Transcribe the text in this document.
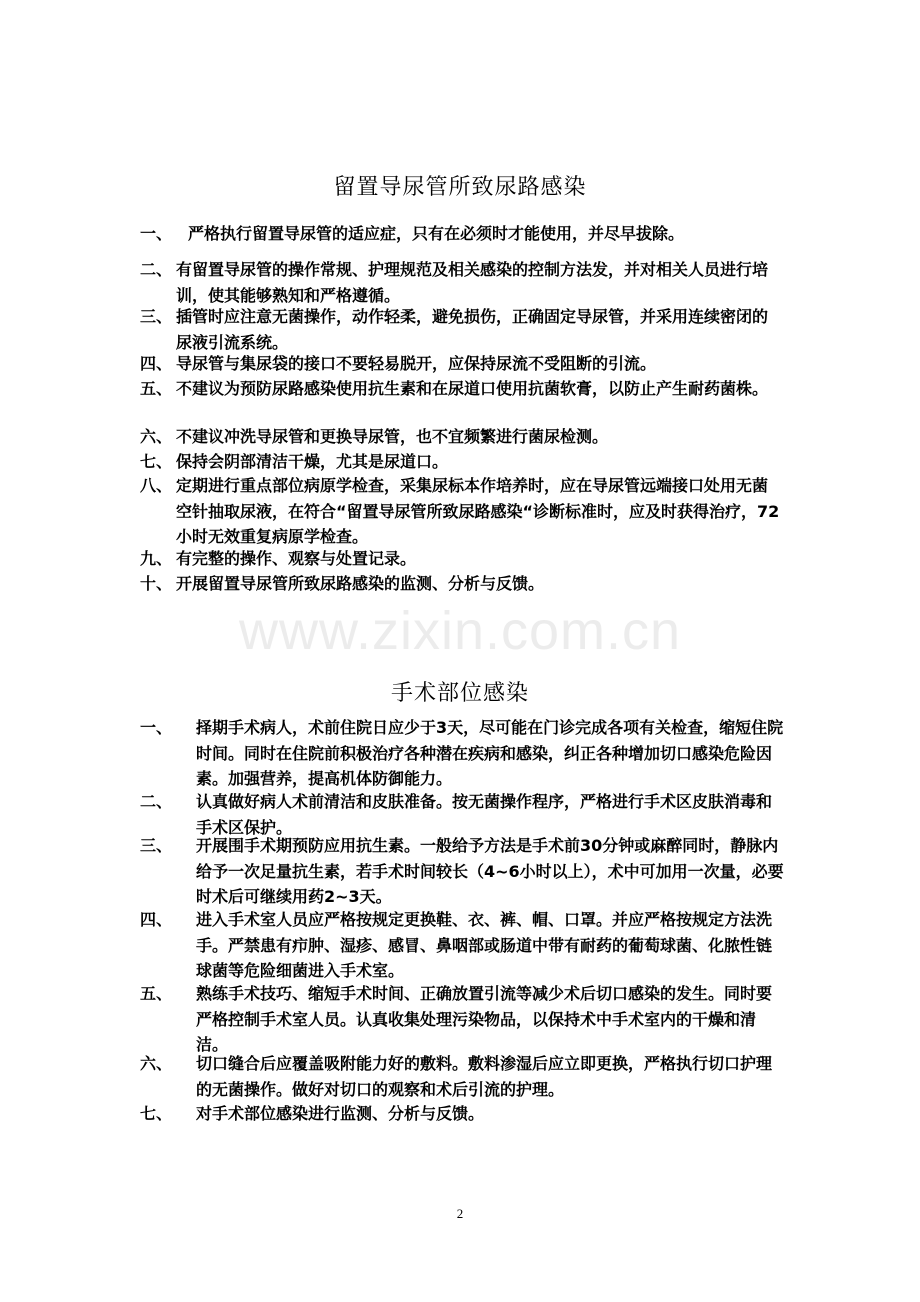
www.zixin.com.cn
留置导尿管所致尿路感染
一、 严格执行留置导尿管的适应症，只有在必须时才能使用，并尽早拔除。
二、 有留置导尿管的操作常规、护理规范及相关感染的控制方法发，并对相关人员进行培训，使其能够熟知和严格遵循。
三、 插管时应注意无菌操作，动作轻柔，避免损伤，正确固定导尿管，并采用连续密闭的尿液引流系统。
四、 导尿管与集尿袋的接口不要轻易脱开，应保持尿流不受阻断的引流。
五、 不建议为预防尿路感染使用抗生素和在尿道口使用抗菌软膏，以防止产生耐药菌株。
六、 不建议冲洗导尿管和更换导尿管，也不宜频繁进行菌尿检测。
七、 保持会阴部清洁干燥，尤其是尿道口。
八、 定期进行重点部位病原学检查，采集尿标本作培养时，应在导尿管远端接口处用无菌空针抽取尿液，在符合“留置导尿管所致尿路感染“诊断标准时，应及时获得治疗，72小时无效重复病原学检查。
九、 有完整的操作、观察与处置记录。
十、 开展留置导尿管所致尿路感染的监测、分析与反馈。
手术部位感染
一、	择期手术病人，术前住院日应少于3天，尽可能在门诊完成各项有关检查，缩短住院时间。同时在住院前积极治疗各种潜在疾病和感染，纠正各种增加切口感染危险因素。加强营养，提高机体防御能力。
二、	认真做好病人术前清洁和皮肤准备。按无菌操作程序，严格进行手术区皮肤消毒和手术区保护。
三、	开展围手术期预防应用抗生素。一般给予方法是手术前30分钟或麻醉同时，静脉内给予一次足量抗生素，若手术时间较长（4~6小时以上），术中可加用一次量，必要时术后可继续用药2~3天。
四、	进入手术室人员应严格按规定更换鞋、衣、裤、帽、口罩。并应严格按规定方法洗手。严禁患有疖肿、湿疹、感冒、鼻咽部或肠道中带有耐药的葡萄球菌、化脓性链球菌等危险细菌进入手术室。
五、	熟练手术技巧、缩短手术时间、正确放置引流等减少术后切口感染的发生。同时要严格控制手术室人员。认真收集处理污染物品，以保持术中手术室内的干燥和清洁。
六、	切口缝合后应覆盖吸附能力好的敷料。敷料渗湿后应立即更换，严格执行切口护理的无菌操作。做好对切口的观察和术后引流的护理。
七、	对手术部位感染进行监测、分析与反馈。
2
